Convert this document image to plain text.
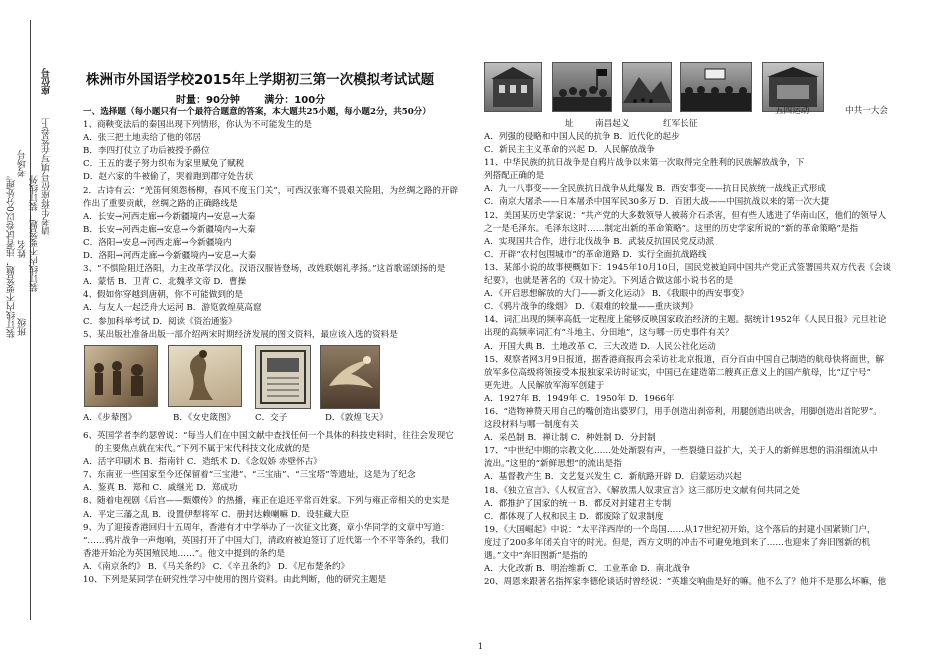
座位号
考场号
姓名
班级
请考生将座位号填写在答卷上
装订线内不要答题，装订线外
装订线内不要答题，违者试卷以0分处理。
株洲市外国语学校2015年上学期初三第一次模拟考试试题
时量：90分钟 满分：100分

一、选择题（每小题只有一个最符合题意的答案，本大题共25小题，每小题2分，共50分）

1、商鞅变法后的秦国出现下列情形，你认为不可能发生的是

A．张三把土地卖给了他的邻居

B．李四打仗立了功后被授予爵位

C．王五的妻子努力织布为家里赋免了赋税

D．赵六家的牛被偷了，哭着跑到郡守处告状

2．古诗有云：“羌笛何须怨杨柳，春风不度玉门关”，可西汉张骞不畏艰关险阻，为丝绸之路的开辟

作出了重要贡献，丝绸之路的正确路线是

A．长安→河西走廊→今新疆境内→安息→大秦

B．长安→河西走廊→安息→今新疆境内→大秦

C．洛阳→安息→河西走廊→今新疆境内

D．洛阳→河西走廊→今新疆境内→安息→大秦

3、“不惧险阻迁洛阳，力主改革学汉化。汉语汉服皆登场，改姓联姻礼孝扬。”这首歌谣颂扬的是

A．蒙恬 B．卫青 C．北魏孝文帝 D．曹操

4、假如你穿越到唐朝，你不可能做到的是

A．与友人一起泛舟大运河 B．游览敦煌莫高窟

C．参加科举考试 D．阅读《资治通鉴》

5、某出版社准备出版一部介绍两宋时期经济发展的图文资料，最应该入选的资料是

A．《步辇图》	B．《女史箴图》 C．交子	D．《敦煌飞天》

6、英国学者李约瑟曾说：“每当人们在中国文献中查找任何一个具体的科技史料时，往往会发现它

的主要焦点就在宋代。”下列不属于宋代科技文化成就的是

A．活字印刷术 B．指南针 C．造纸术 D．《念奴娇 赤壁怀古》

7、东南亚一些国家至今还保留着“三宝港”、“三宝庙”、“三宝塔”等遗址，这是为了纪念

A．鉴真 B．郑和 C．戚继光 D．郑成功

8、随着电视剧《后宫——甄嬛传》的热播，雍正在追还平常百姓家。下列与雍正帝相关的史实是

A．平定三藩之乱 B．设置伊犁将军 C．册封达赖喇嘛 D．设驻藏大臣

9、为了迎接香港回归十五周年，香港有才中学举办了一次征文比赛，章小华同学的文章中写道：

“……鸦片战争一声炮响，英国打开了中国大门，清政府被迫签订了近代第一个不平等条约，我们

香港开始沦为英国殖民地……”。他文中提到的条约是

A．《南京条约》 B．《马关条约》 C．《辛丑条约》 D．《尼布楚条约》

10、下列是某同学在研究性学习中使用的图片资料。由此判断，他的研究主题是

五四运动	中共一大会

址 南昌起义	红军长征

A．列强的侵略和中国人民的抗争 B．近代化的起步

C．新民主主义革命的兴起 D．人民解放战争

11、中华民族的抗日战争是自鸦片战争以来第一次取得完全胜利的民族解放战争，下

列搭配正确的是

A．九一八事变——全民族抗日战争从此爆发 B．西安事变——抗日民族统一战线正式形成

C．南京大屠杀——日本屠杀中国军民30多万 D．百团大战——中国抗战以来的第一次大捷

12、美国某历史学家说：“共产党的大多数领导人被蒋介石杀害，但有些人逃进了华南山区，他们的领导人

之一是毛泽东。毛泽东这时……制定出新的革命策略”。这里的历史学家所说的“新的革命策略”是指

A．实现国共合作，进行北伐战争 B．武装反抗国民党反动派

C．开辟“农村包围城市”的革命道路 D．实行全面抗战路线

13、某部小说的故事梗概如下：1945年10月10日，国民党被迫同中国共产党正式签署国共双方代表《会谈

纪要》，也就是著名的《双十协定》。下列适合做这部小说书名的是

A．《开启思想解放的大门——新文化运动》 B．《我眼中的西安事变》

C．《鸦片战争的缘烟》 D．《艰难的较量——重庆谈判》

14、词汇出现的频率高低一定程度上能够反映国家政治经济的主题。据统计1952年《人民日报》元旦社论

出现的高频率词汇有“斗地主、分田地”，这与哪一历史事件有关？

A．开国大典 B．土地改革 C．三大改造 D．人民公社化运动

15、观察者网3月9日报道，据香港商报再会采访社北京报道，百分百由中国自己制造的航母快将面世，解

放军多位高级将领接受本报独家采访时证实，中国已在建造第二艘真正意义上的国产航母，比“辽宁号”

更先进。人民解放军海军创建于

A．1927年 B．1949年 C．1950年 D．1966年

16、“造物神赞天用自己的嘴创造出婆罗门，用手创造出刹帝利，用腿创造出吠舍，用脚创造出首陀罗”。

这段材料与哪一制度有关

A．采邑制 B．禅让制 C．种姓制 D．分封制

17、“中世纪中期的宗教文化……处处渐裂有声，一些裂缝日益扩大，关于人的新鲜思想的涓涓细流从中

流出。”这里的“新鲜思想”的流出是指

A．基督教产生 B．文艺复兴发生 C．新航路开辟 D．启蒙运动兴起

18、《独立宣言》、《人权宣言》、《解放黑人奴隶宣言》这三部历史文献有何共同之处

A．都推护了国家的统一 B．都反对封建君主专制

C．都体现了人权和民主 D．都废除了奴隶制度

19、《大国崛起》中说：“太平洋西岸的一个岛国……从17世纪初开始，这个落后的封建小国紧锁门户，

度过了200多年闭关自守的时光。但是，西方文明的冲击不可避免地到来了……也迎来了奔旧图新的机

遇。”文中“奔旧图新”是指的

A．大化改新 B．明治维新 C．工业革命 D．南北战争

20、周恩来跟著名指挥家李德伦谈话时曾经说：“英雄交响曲是好的嘛。他不么了？他并不是那么坏嘛，他

1
